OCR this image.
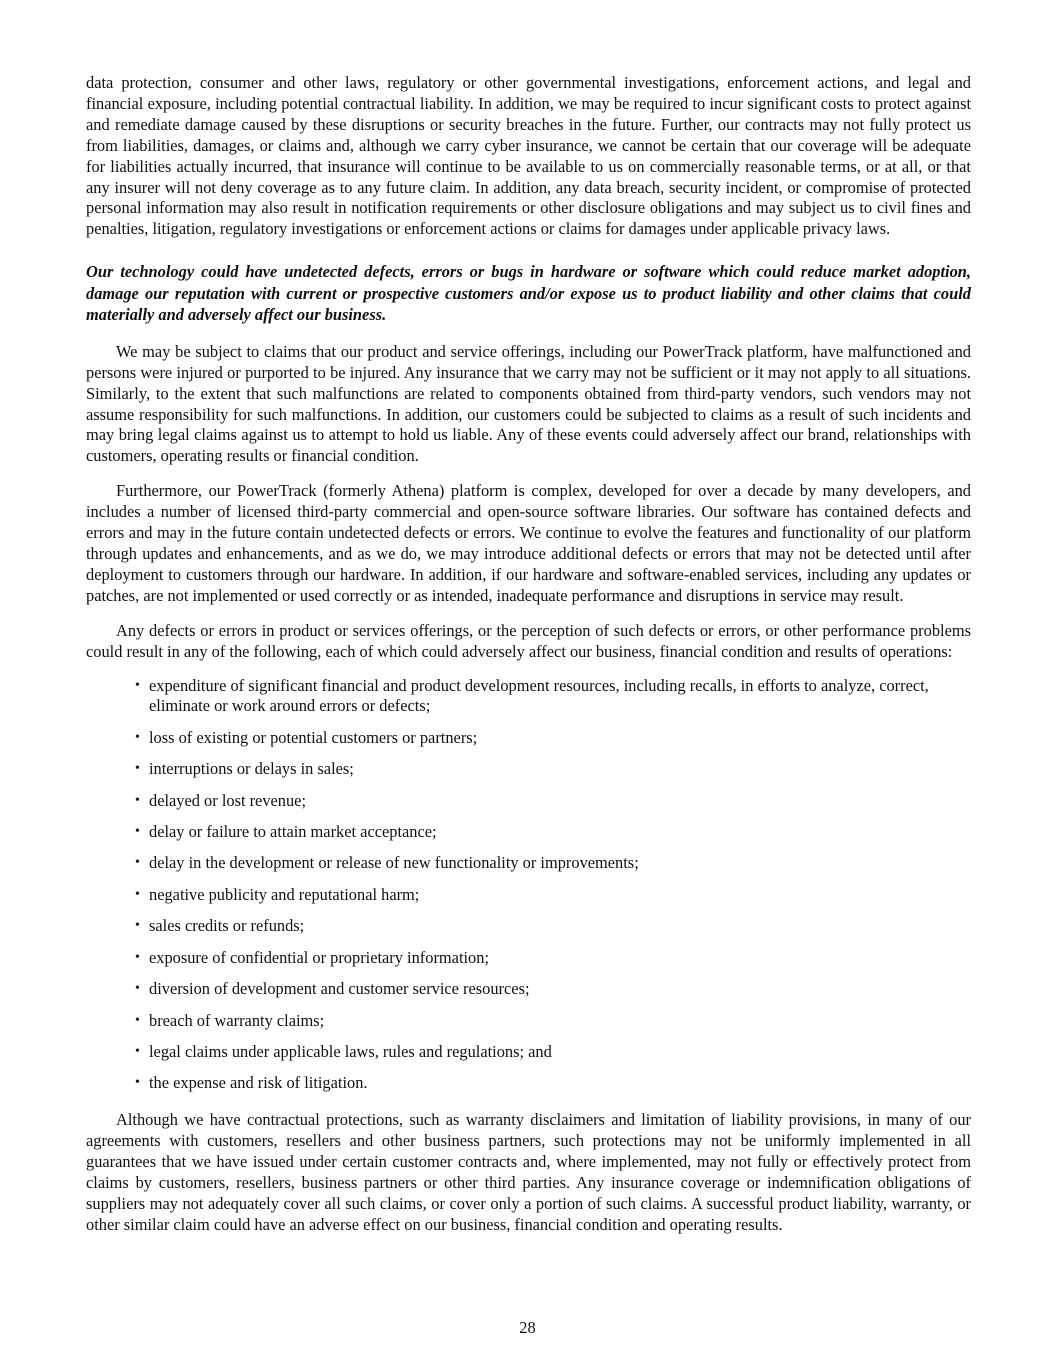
data protection, consumer and other laws, regulatory or other governmental investigations, enforcement actions, and legal and financial exposure, including potential contractual liability. In addition, we may be required to incur significant costs to protect against and remediate damage caused by these disruptions or security breaches in the future. Further, our contracts may not fully protect us from liabilities, damages, or claims and, although we carry cyber insurance, we cannot be certain that our coverage will be adequate for liabilities actually incurred, that insurance will continue to be available to us on commercially reasonable terms, or at all, or that any insurer will not deny coverage as to any future claim. In addition, any data breach, security incident, or compromise of protected personal information may also result in notification requirements or other disclosure obligations and may subject us to civil fines and penalties, litigation, regulatory investigations or enforcement actions or claims for damages under applicable privacy laws.

Our technology could have undetected defects, errors or bugs in hardware or software which could reduce market adoption, damage our reputation with current or prospective customers and/or expose us to product liability and other claims that could materially and adversely affect our business.

We may be subject to claims that our product and service offerings, including our PowerTrack platform, have malfunctioned and persons were injured or purported to be injured. Any insurance that we carry may not be sufficient or it may not apply to all situations. Similarly, to the extent that such malfunctions are related to components obtained from third-party vendors, such vendors may not assume responsibility for such malfunctions. In addition, our customers could be subjected to claims as a result of such incidents and may bring legal claims against us to attempt to hold us liable. Any of these events could adversely affect our brand, relationships with customers, operating results or financial condition.

Furthermore, our PowerTrack (formerly Athena) platform is complex, developed for over a decade by many developers, and includes a number of licensed third-party commercial and open-source software libraries. Our software has contained defects and errors and may in the future contain undetected defects or errors. We continue to evolve the features and functionality of our platform through updates and enhancements, and as we do, we may introduce additional defects or errors that may not be detected until after deployment to customers through our hardware. In addition, if our hardware and software-enabled services, including any updates or patches, are not implemented or used correctly or as intended, inadequate performance and disruptions in service may result.

Any defects or errors in product or services offerings, or the perception of such defects or errors, or other performance problems could result in any of the following, each of which could adversely affect our business, financial condition and results of operations:

• expenditure of significant financial and product development resources, including recalls, in efforts to analyze, correct, eliminate or work around errors or defects;
• loss of existing or potential customers or partners;
• interruptions or delays in sales;
• delayed or lost revenue;
• delay or failure to attain market acceptance;
• delay in the development or release of new functionality or improvements;
• negative publicity and reputational harm;
• sales credits or refunds;
• exposure of confidential or proprietary information;
• diversion of development and customer service resources;
• breach of warranty claims;
• legal claims under applicable laws, rules and regulations; and
• the expense and risk of litigation.

Although we have contractual protections, such as warranty disclaimers and limitation of liability provisions, in many of our agreements with customers, resellers and other business partners, such protections may not be uniformly implemented in all guarantees that we have issued under certain customer contracts and, where implemented, may not fully or effectively protect from claims by customers, resellers, business partners or other third parties. Any insurance coverage or indemnification obligations of suppliers may not adequately cover all such claims, or cover only a portion of such claims. A successful product liability, warranty, or other similar claim could have an adverse effect on our business, financial condition and operating results.

28
